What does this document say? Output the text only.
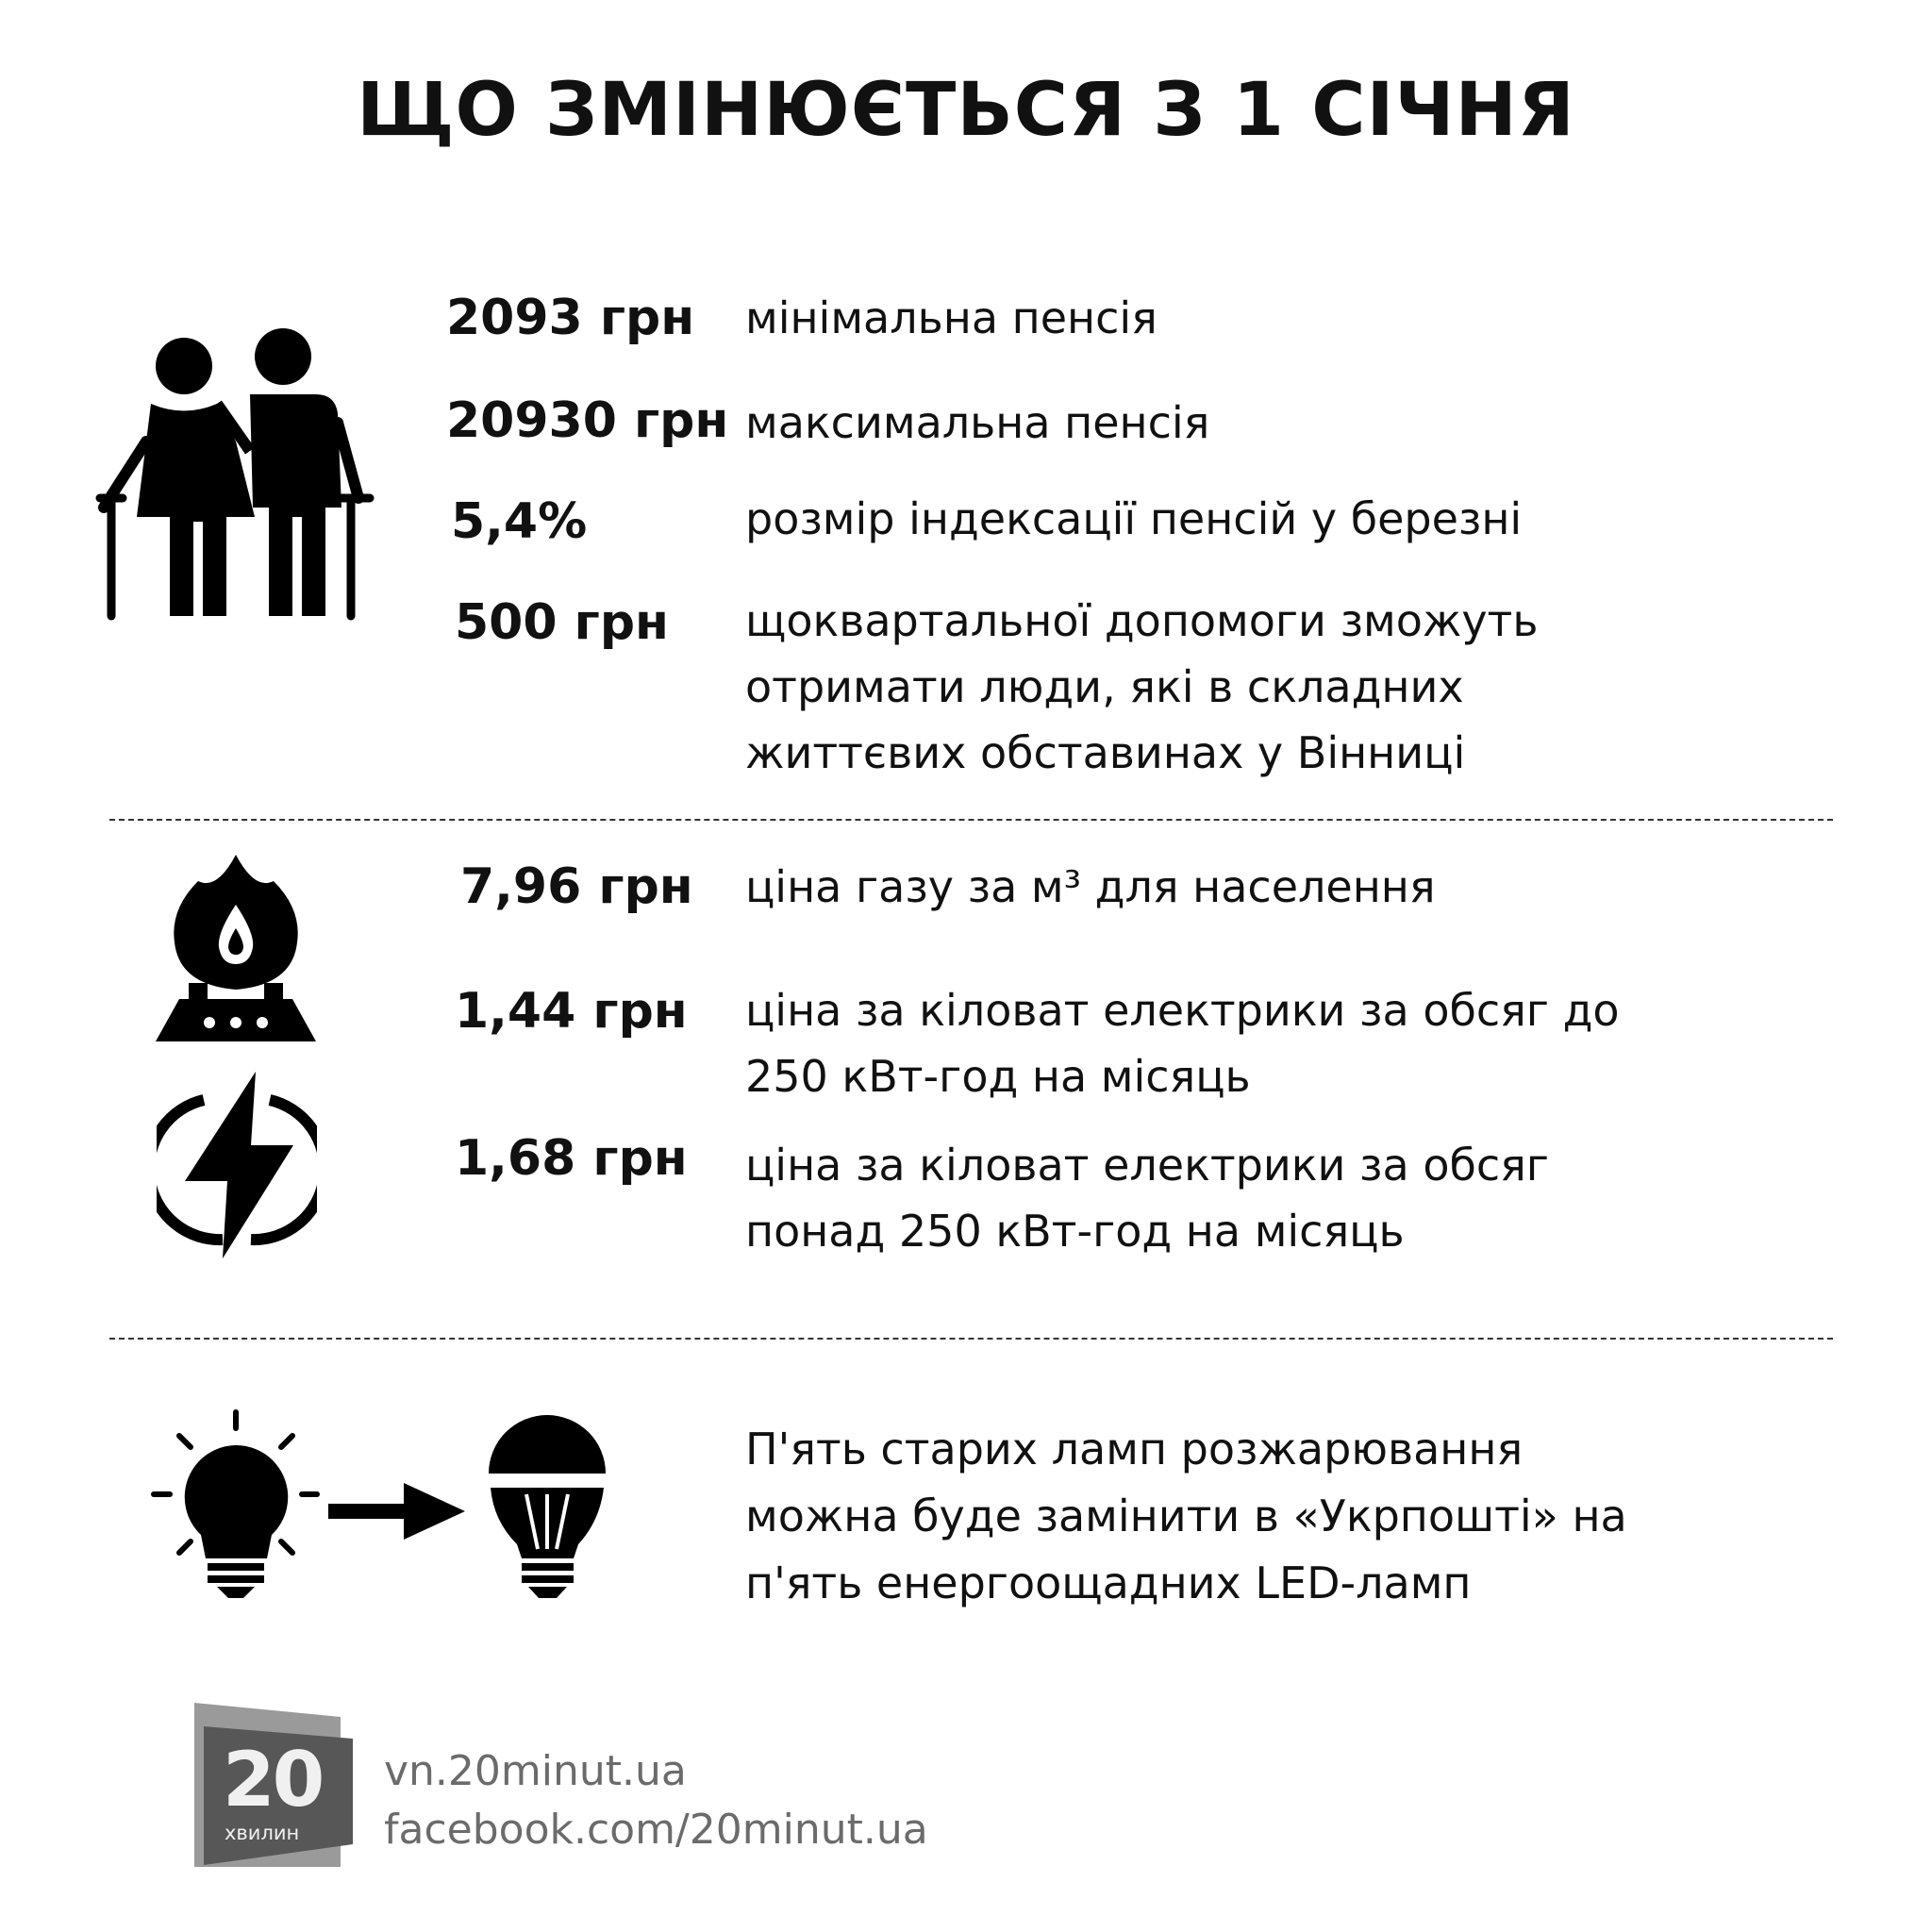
ЩО ЗМІНЮЄТЬСЯ З 1 СІЧНЯ
2093 грн мінімальна пенсія
20930 грн максимальна пенсія
5,4%	розмір індексації пенсій у березні
500 грн щоквартальної допомоги зможуть
отримати люди, які в складних
життєвих обставинах у Вінниці
7,96 грн ціна газу за м³ для населення
1,44 грн ціна за кіловат електрики за обсяг до
250 кВт-год на місяць
1,68 грн ціна за кіловат електрики за обсяг
понад 250 кВт-год на місяць
П'ять старих ламп розжарювання
можна буде замінити в «Укрпошті» на
п'ять енергоощадних LED-ламп
20
хвилин
vn.20minut.ua
facebook.com/20minut.ua
